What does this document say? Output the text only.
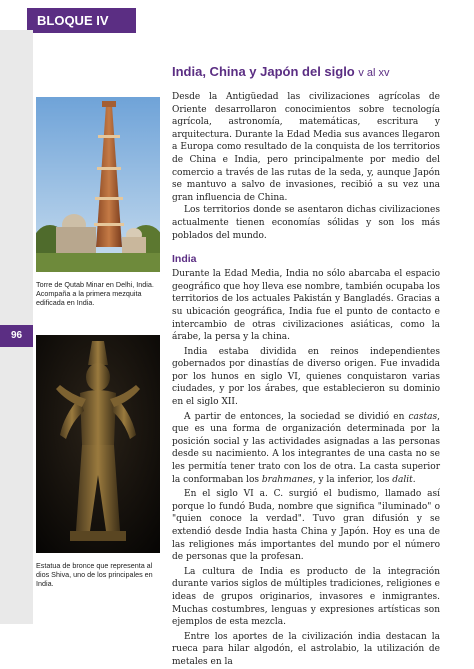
BLOQUE IV
96
Torre de Qutab Minar en Delhi, India. Acompaña a la primera mezquita edificada en India.
Estatua de bronce que representa al dios Shiva, uno de los principales en India.
India, China y Japón del siglo v al xv

Desde la Antigüedad las civilizaciones agrícolas de Oriente desarrollaron conocimientos sobre tecnología agrícola, astronomía, matemáticas, escritura y arquitectura. Durante la Edad Media sus avances llegaron a Europa como resultado de la conquista de los territorios de China e India, pero principalmente por medio del comercio a través de las rutas de la seda, y, aunque Japón se mantuvo a salvo de invasiones, recibió a su vez una gran influencia de China.

Los territorios donde se asentaron dichas civilizaciones actualmente tienen economías sólidas y son los más poblados del mundo.

India

Durante la Edad Media, India no sólo abarcaba el espacio geográfico que hoy lleva ese nombre, también ocupaba los territorios de los actuales Pakistán y Bangladés. Gracias a su ubicación geográfica, India fue el punto de contacto e intercambio de otras civilizaciones asiáticas, como la árabe, la persa y la china.

India estaba dividida en reinos independientes gobernados por dinastías de diverso origen. Fue invadida por los hunos en siglo VI, quienes conquistaron varias ciudades, y por los árabes, que establecieron su dominio en el siglo XII.

A partir de entonces, la sociedad se dividió en castas, que es una forma de organización determinada por la posición social y las actividades asignadas a las personas desde su nacimiento. A los integrantes de una casta no se les permitía tener trato con los de otra. La casta superior la conformaban los brahmanes, y la inferior, los dalit.

En el siglo VI a. C. surgió el budismo, llamado así porque lo fundó Buda, nombre que significa "iluminado" o "quien conoce la verdad". Tuvo gran difusión y se extendió desde India hasta China y Japón. Hoy es una de las religiones más importantes del mundo por el número de personas que la profesan.

La cultura de India es producto de la integración durante varios siglos de múltiples tradiciones, religiones e ideas de grupos originarios, invasores e inmigrantes. Muchas costumbres, lenguas y expresiones artísticas son ejemplos de esta mezcla.

Entre los aportes de la civilización india destacan la rueca para hilar algodón, el astrolabio, la utilización de metales en la
